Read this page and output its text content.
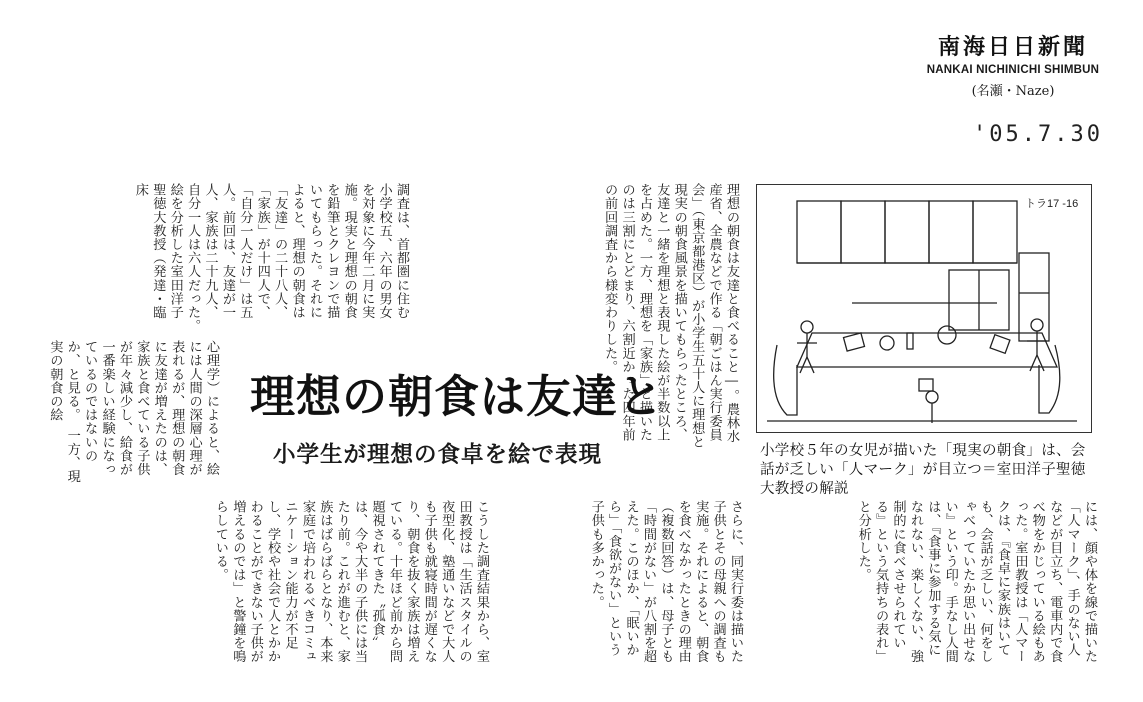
南海日日新聞
NANKAI NICHINICHI SHIMBUN
(名瀬・Naze)
'05.7.30
理想の朝食は友達と食べること―。農林水産省、全農などで作る「朝ごはん実行委員会」（東京都港区）が小学生五十人に理想と現実の朝食風景を描いてもらったところ、友達と一緒を理想と表現した絵が半数以上を占めた。一方、理想を「家族」と描いたのは三割にとどまり、六割近かった四年前の前回調査から様変わりした。
調査は、首都圏に住む小学校五、六年の男女を対象に今年二月に実施。現実と理想の朝食を鉛筆とクレヨンで描いてもらった。それによると、理想の朝食は「友達」の二十八人、「家族」が十四人で、「自分一人だけ」は五人。前回は、友達が一人、家族は二十九人、自分一人は六人だった。　絵を分析した室田洋子聖徳大教授（発達・臨床
心理学）によると、絵には人間の深層心理が表れるが、理想の朝食に友達が増えたのは、家族と食べている子供が年々減少し、給食が一番楽しい経験になっているのではないのか、と見る。　一方、現実の朝食の絵	理想の朝食は友達と
小学生が理想の食卓を絵で表現
には、顔や体を線で描いた「人マーク」、手のない人などが目立ち、電車内で食べ物をかじっている絵もあった。室田教授は「人マークは、『食卓に家族はいても、会話が乏しい、何をしゃべっていたか思い出せない』という印。手なし人間は、『食事に参加する気になれない、楽しくない、強制的に食べさせられている』という気持ちの表れ」と分析した。
さらに、同実行委は描いた子供とその母親への調査も実施。それによると、朝食を食べなかったときの理由（複数回答）は、母子とも「時間がない」が八割を超えた。このほか、「眠いから」「食欲がない」という子供も多かった。
こうした調査結果から、室田教授は「生活スタイルの夜型化、塾通いなどで大人も子供も就寝時間が遅くなり、朝食を抜く家族は増えている。十年ほど前から問題視されてきた〝孤食〟は、今や大半の子供には当たり前。これが進むと、家族はばらばらとなり、本来家庭で培われるべきコミュニケーション能力が不足し、学校や社会で人とかかわることができない子供が増えるのでは」と警鐘を鳴らしている。
トラ17 -16
小学校５年の女児が描いた「現実の朝食」は、会話が乏しい「人マーク」が目立つ＝室田洋子聖徳大教授の解説
